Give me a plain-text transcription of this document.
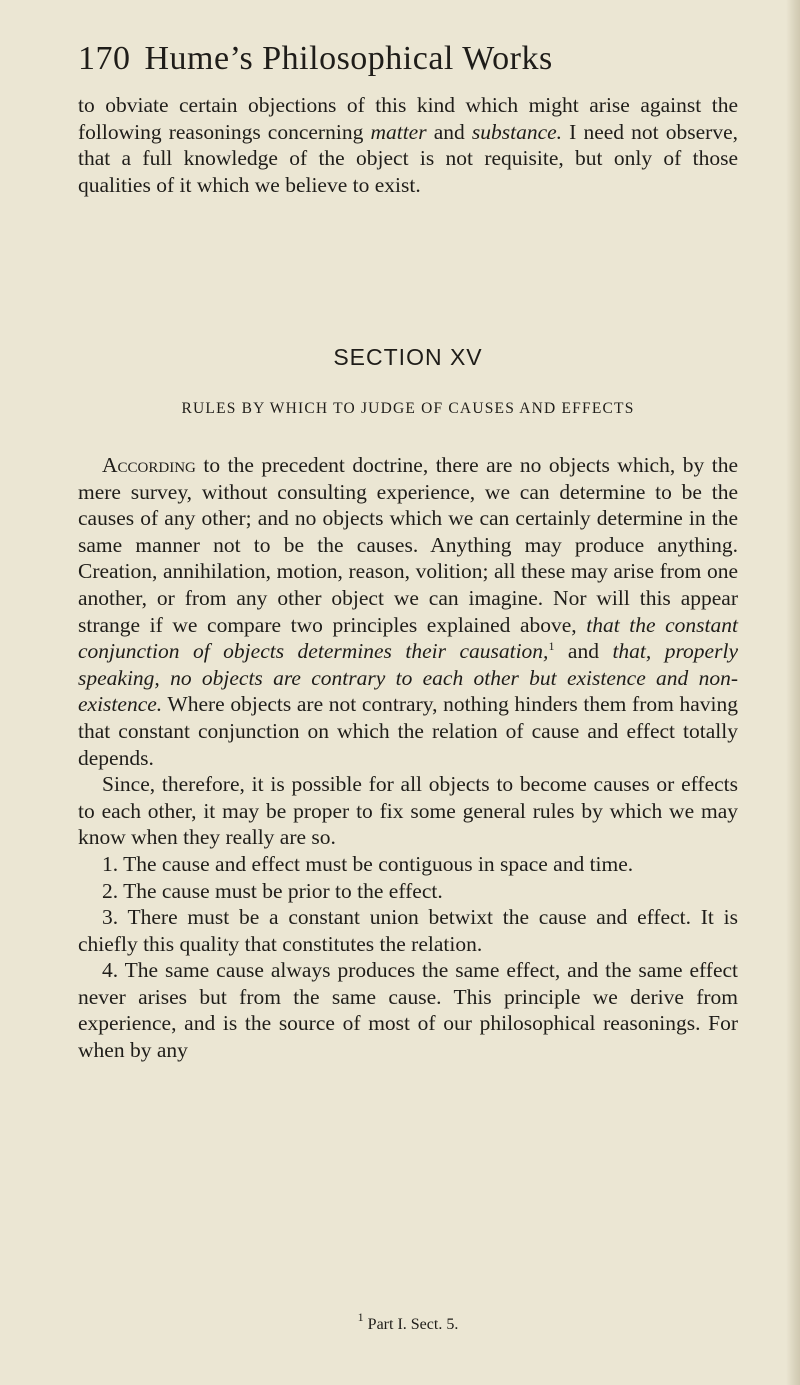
170 Hume’s Philosophical Works

to obviate certain objections of this kind which might arise against the following reasonings concerning matter and substance. I need not observe, that a full knowledge of the object is not requisite, but only of those qualities of it which we believe to exist.

SECTION XV
RULES BY WHICH TO JUDGE OF CAUSES AND EFFECTS

According to the precedent doctrine, there are no objects which, by the mere survey, without consulting experience, we can determine to be the causes of any other; and no objects which we can certainly determine in the same manner not to be the causes. Anything may produce anything. Creation, annihilation, motion, reason, volition; all these may arise from one another, or from any other object we can imagine. Nor will this appear strange if we compare two principles explained above, that the constant conjunction of objects determines their causation,$^1$ and that, properly speaking, no objects are contrary to each other but existence and non-existence. Where objects are not contrary, nothing hinders them from having that constant conjunction on which the relation of cause and effect totally depends.

Since, therefore, it is possible for all objects to become causes or effects to each other, it may be proper to fix some general rules by which we may know when they really are so.

1. The cause and effect must be contiguous in space and time.

2. The cause must be prior to the effect.

3. There must be a constant union betwixt the cause and effect. It is chiefly this quality that constitutes the relation.

4. The same cause always produces the same effect, and the same effect never arises but from the same cause. This principle we derive from experience, and is the source of most of our philosophical reasonings. For when by any

$^1$ Part I. Sect. 5.
